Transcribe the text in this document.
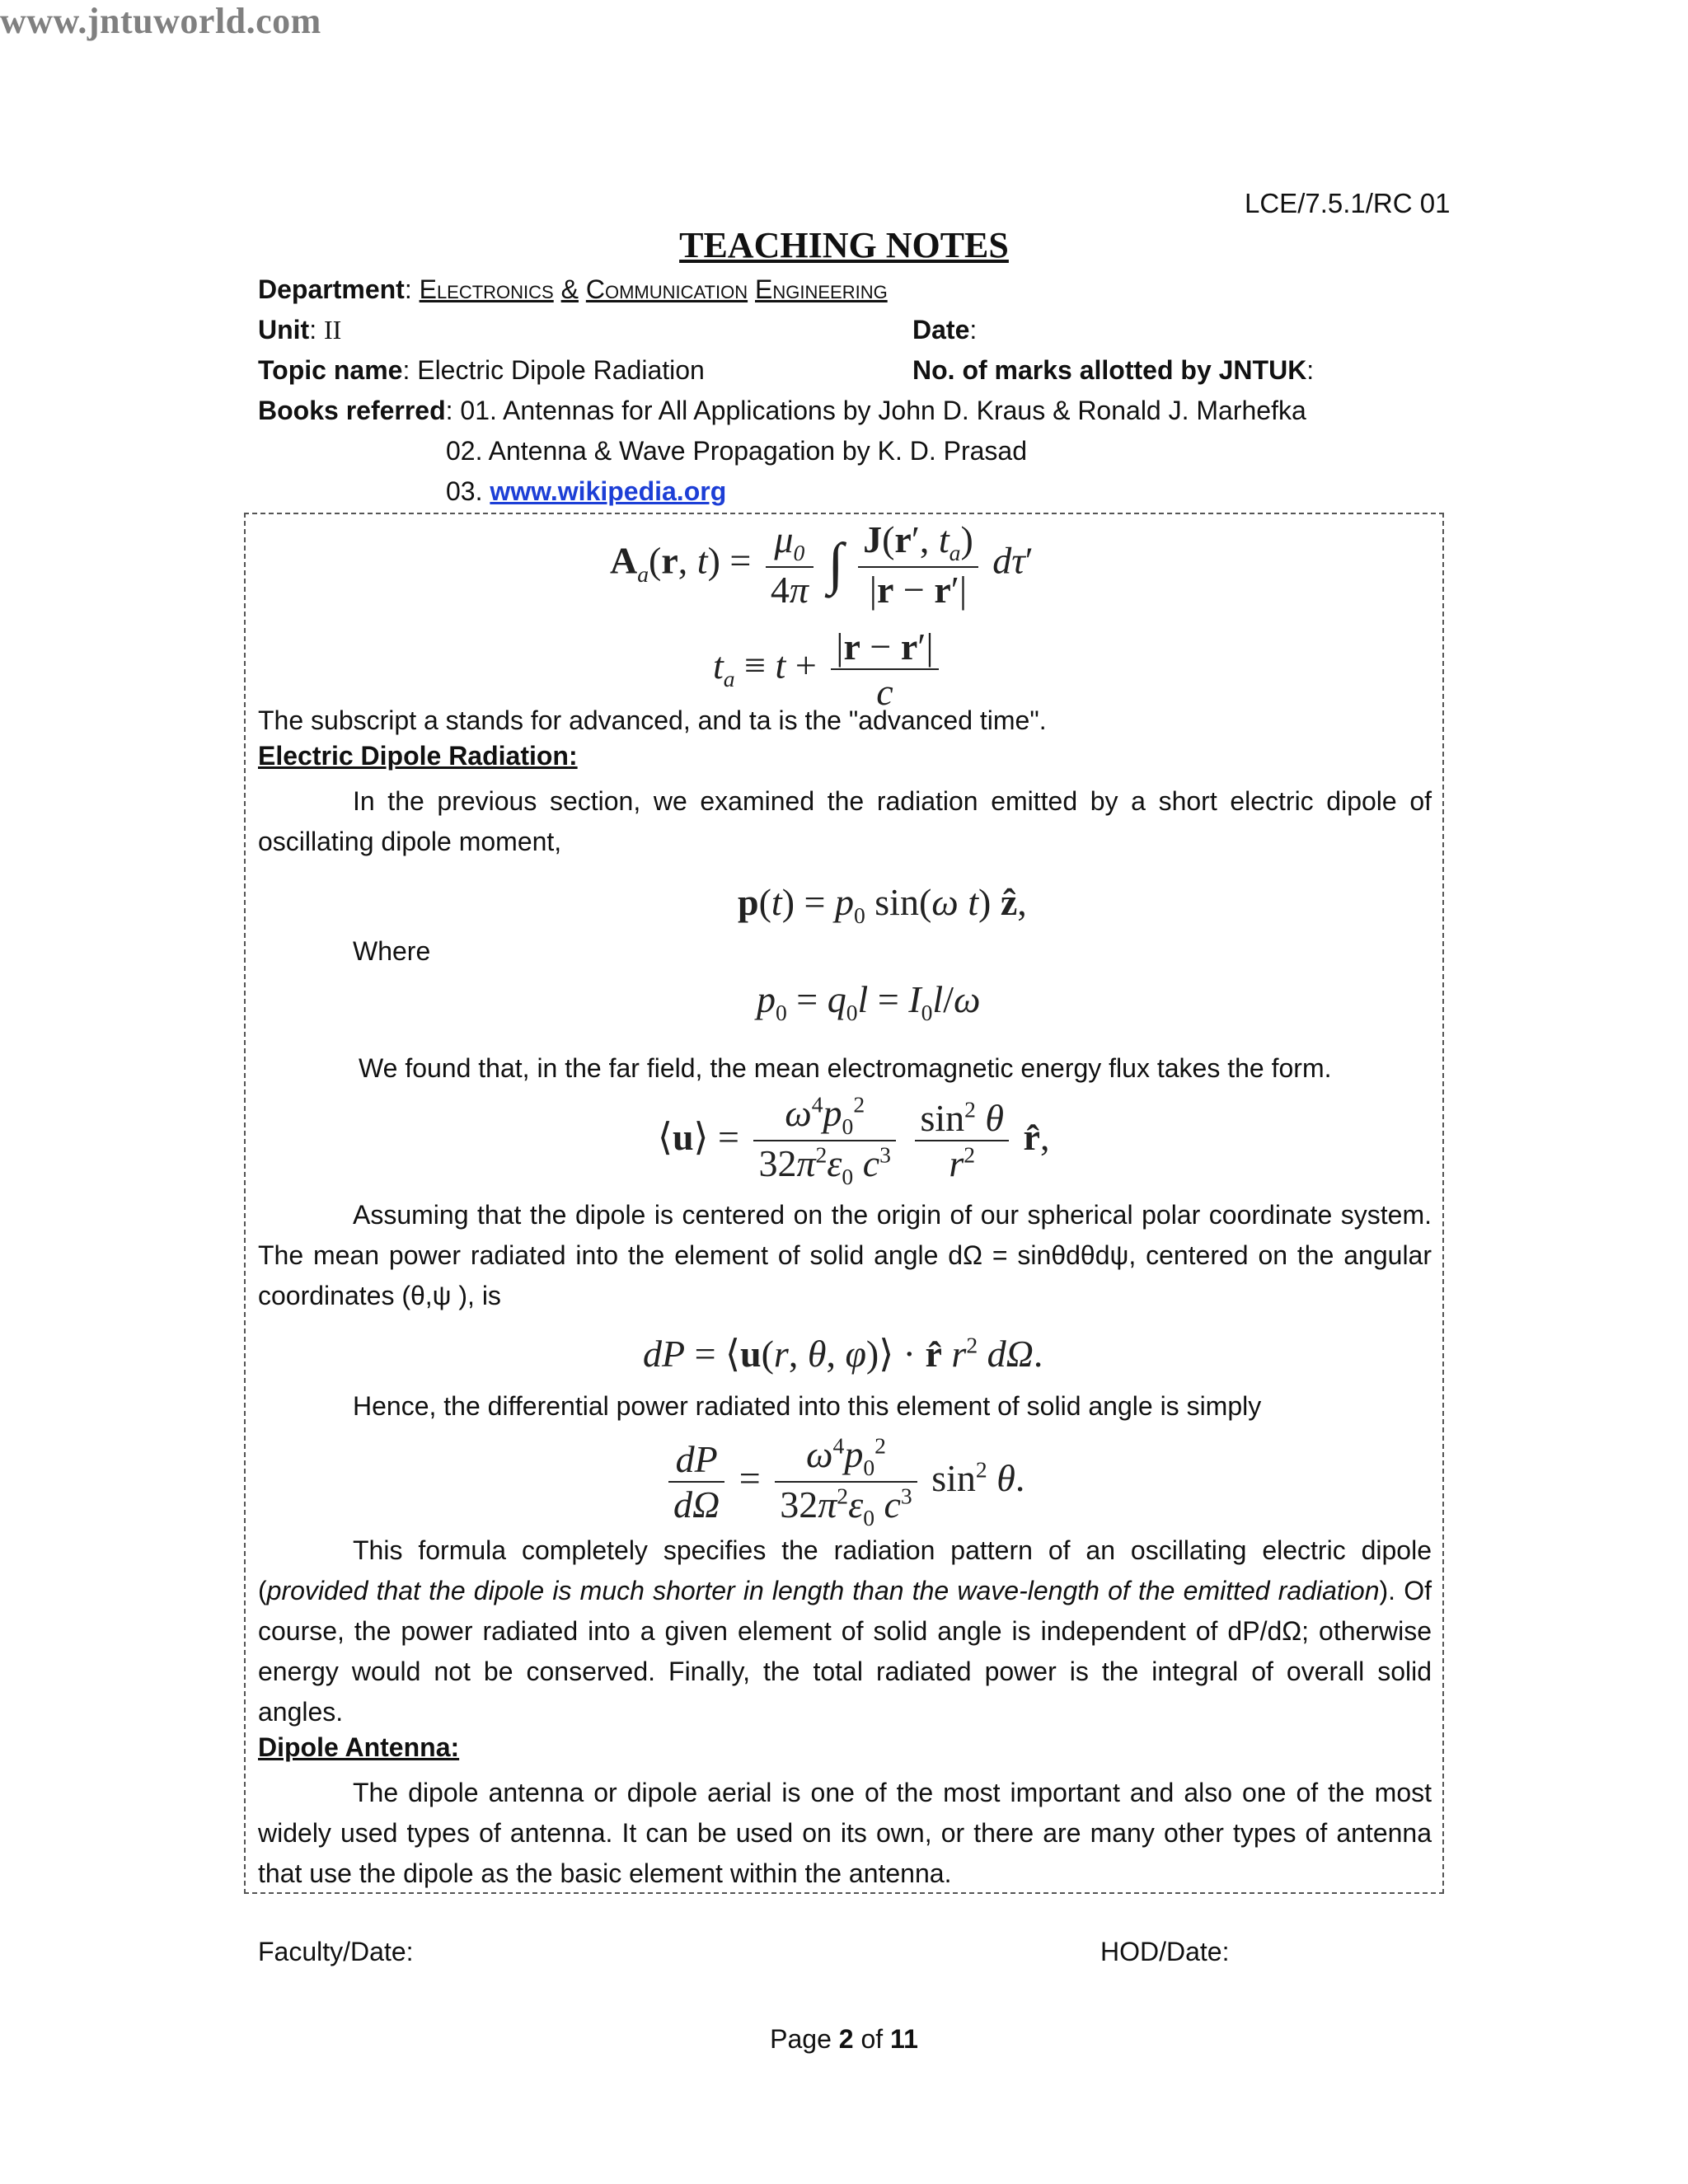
www.jntuworld.com
LCE/7.5.1/RC 01
TEACHING NOTES
Department: Electronics & Communication Engineering
Unit: II	Date:
Topic name: Electric Dipole Radiation	No. of marks allotted by JNTUK:
Books referred: 01. Antennas for All Applications by John D. Kraus & Ronald J. Marhefka
02. Antenna & Wave Propagation by K. D. Prasad
03. www.wikipedia.org
$A_a(r$, $t) = \frac{\mu_0}{4\pi}$ ∫ $\frac{J(r', t_a)}{|r - r'|} d\tau'$
$t_a \equiv t + \frac{|r - r'|}{c}$
The subscript a stands for advanced, and ta is the "advanced time".
Electric Dipole Radiation:
In the previous section, we examined the radiation emitted by a short electric dipole of oscillating dipole moment,
$p(t) = p_0$ sin(ω t) ẑ,
Where
$p_0 = q_0l = I_0l/\omega$
We found that, in the far field, the mean electromagnetic energy flux takes the form.
⟨u⟩ = $\frac{\omega^4p_0^2}{32\pi^2\varepsilon_0 c^3}$
$\frac{\sin^2 \theta}{r^2}$ r̂,
Assuming that the dipole is centered on the origin of our spherical polar coordinate system. The mean power radiated into the element of solid angle dΩ = sinθdθdψ, centered on the angular coordinates (θ,ψ ), is
dP = ⟨u(r, θ, φ)⟩ · r̂ $r^2$ dΩ.
Hence, the differential power radiated into this element of solid angle is simply
$\frac{dP}{d\Omega} = \frac{\omega^4p_0^2}{32\pi^2\varepsilon_0 c^3} \sin^2 \theta$.
This formula completely specifies the radiation pattern of an oscillating electric dipole (provided that the dipole is much shorter in length than the wave-length of the emitted radiation). Of course, the power radiated into a given element of solid angle is independent of dP/dΩ; otherwise energy would not be conserved. Finally, the total radiated power is the integral of overall solid angles.
Dipole Antenna:
The dipole antenna or dipole aerial is one of the most important and also one of the most widely used types of antenna. It can be used on its own, or there are many other types of antenna that use the dipole as the basic element within the antenna.
Faculty/Date:	HOD/Date:
Page 2 of 11
